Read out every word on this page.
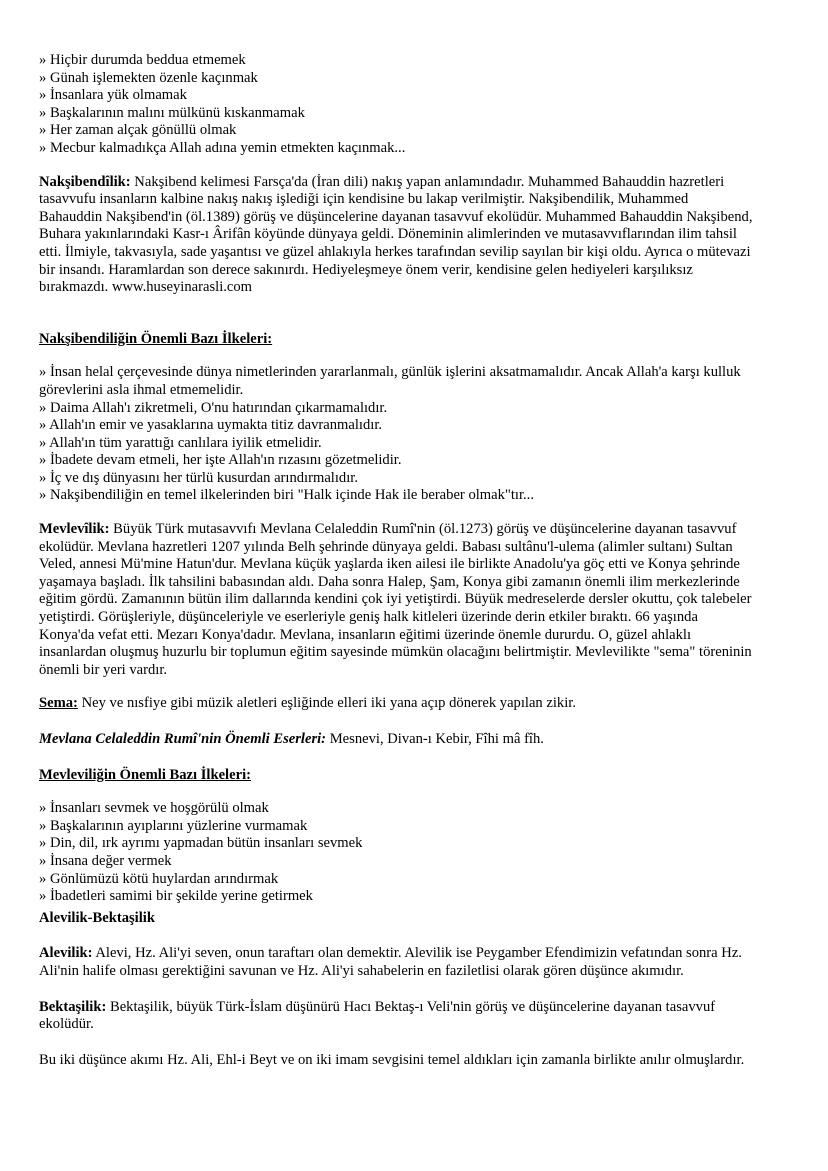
» Hiçbir durumda beddua etmemek
» Günah işlemekten özenle kaçınmak
» İnsanlara yük olmamak
» Başkalarının malını mülkünü kıskanmamak
» Her zaman alçak gönüllü olmak
» Mecbur kalmadıkça Allah adına yemin etmekten kaçınmak...
Nakşibendîlik: Nakşibend kelimesi Farsça'da (İran dili) nakış yapan anlamındadır. Muhammed Bahauddin hazretleri
tasavvufu insanların kalbine nakış nakış işlediği için kendisine bu lakap verilmiştir. Nakşibendilik, Muhammed
Bahauddin Nakşibend'in (öl.1389) görüş ve düşüncelerine dayanan tasavvuf ekolüdür. Muhammed Bahauddin Nakşibend,
Buhara yakınlarındaki Kasr-ı Ârifân köyünde dünyaya geldi. Döneminin alimlerinden ve mutasavvıflarından ilim tahsil
etti. İlmiyle, takvasıyla, sade yaşantısı ve güzel ahlakıyla herkes tarafından sevilip sayılan bir kişi oldu. Ayrıca o mütevazi
bir insandı. Haramlardan son derece sakınırdı. Hediyeleşmeye önem verir, kendisine gelen hediyeleri karşılıksız
bırakmazdı. www.huseyinarasli.com
Nakşibendiliğin Önemli Bazı İlkeleri:
» İnsan helal çerçevesinde dünya nimetlerinden yararlanmalı, günlük işlerini aksatmamalıdır. Ancak Allah'a karşı kulluk
görevlerini asla ihmal etmemelidir.
» Daima Allah'ı zikretmeli, O'nu hatırından çıkarmamalıdır.
» Allah'ın emir ve yasaklarına uymakta titiz davranmalıdır.
» Allah'ın tüm yarattığı canlılara iyilik etmelidir.
» İbadete devam etmeli, her işte Allah'ın rızasını gözetmelidir.
» İç ve dış dünyasını her türlü kusurdan arındırmalıdır.
» Nakşibendiliğin en temel ilkelerinden biri "Halk içinde Hak ile beraber olmak"tır...
Mevlevîlik: Büyük Türk mutasavvıfı Mevlana Celaleddin Rumî'nin (öl.1273) görüş ve düşüncelerine dayanan tasavvuf
ekolüdür. Mevlana hazretleri 1207 yılında Belh şehrinde dünyaya geldi. Babası sultânu'l-ulema (alimler sultanı) Sultan
Veled, annesi Mü'mine Hatun'dur. Mevlana küçük yaşlarda iken ailesi ile birlikte Anadolu'ya göç etti ve Konya şehrinde
yaşamaya başladı. İlk tahsilini babasından aldı. Daha sonra Halep, Şam, Konya gibi zamanın önemli ilim merkezlerinde
eğitim gördü. Zamanının bütün ilim dallarında kendini çok iyi yetiştirdi. Büyük medreselerde dersler okuttu, çok talebeler
yetiştirdi. Görüşleriyle, düşünceleriyle ve eserleriyle geniş halk kitleleri üzerinde derin etkiler bıraktı. 66 yaşında
Konya'da vefat etti. Mezarı Konya'dadır. Mevlana, insanların eğitimi üzerinde önemle dururdu. O, güzel ahlaklı
insanlardan oluşmuş huzurlu bir toplumun eğitim sayesinde mümkün olacağını belirtmiştir. Mevlevilikte "sema" töreninin
önemli bir yeri vardır.
Sema: Ney ve nısfiye gibi müzik aletleri eşliğinde elleri iki yana açıp dönerek yapılan zikir.
Mevlana Celaleddin Rumî'nin Önemli Eserleri: Mesnevi, Divan-ı Kebir, Fîhi mâ fîh.
Mevleviliğin Önemli Bazı İlkeleri:
» İnsanları sevmek ve hoşgörülü olmak
» Başkalarının ayıplarını yüzlerine vurmamak
» Din, dil, ırk ayrımı yapmadan bütün insanları sevmek
» İnsana değer vermek
» Gönlümüzü kötü huylardan arındırmak
» İbadetleri samimi bir şekilde yerine getirmek
Alevilik-Bektaşilik
Alevilik: Alevi, Hz. Ali'yi seven, onun taraftarı olan demektir. Alevilik ise Peygamber Efendimizin vefatından sonra Hz.
Ali'nin halife olması gerektiğini savunan ve Hz. Ali'yi sahabelerin en faziletlisi olarak gören düşünce akımıdır.
Bektaşilik: Bektaşilik, büyük Türk-İslam düşünürü Hacı Bektaş-ı Veli'nin görüş ve düşüncelerine dayanan tasavvuf
ekolüdür.
Bu iki düşünce akımı Hz. Ali, Ehl-i Beyt ve on iki imam sevgisini temel aldıkları için zamanla birlikte anılır olmuşlardır.
